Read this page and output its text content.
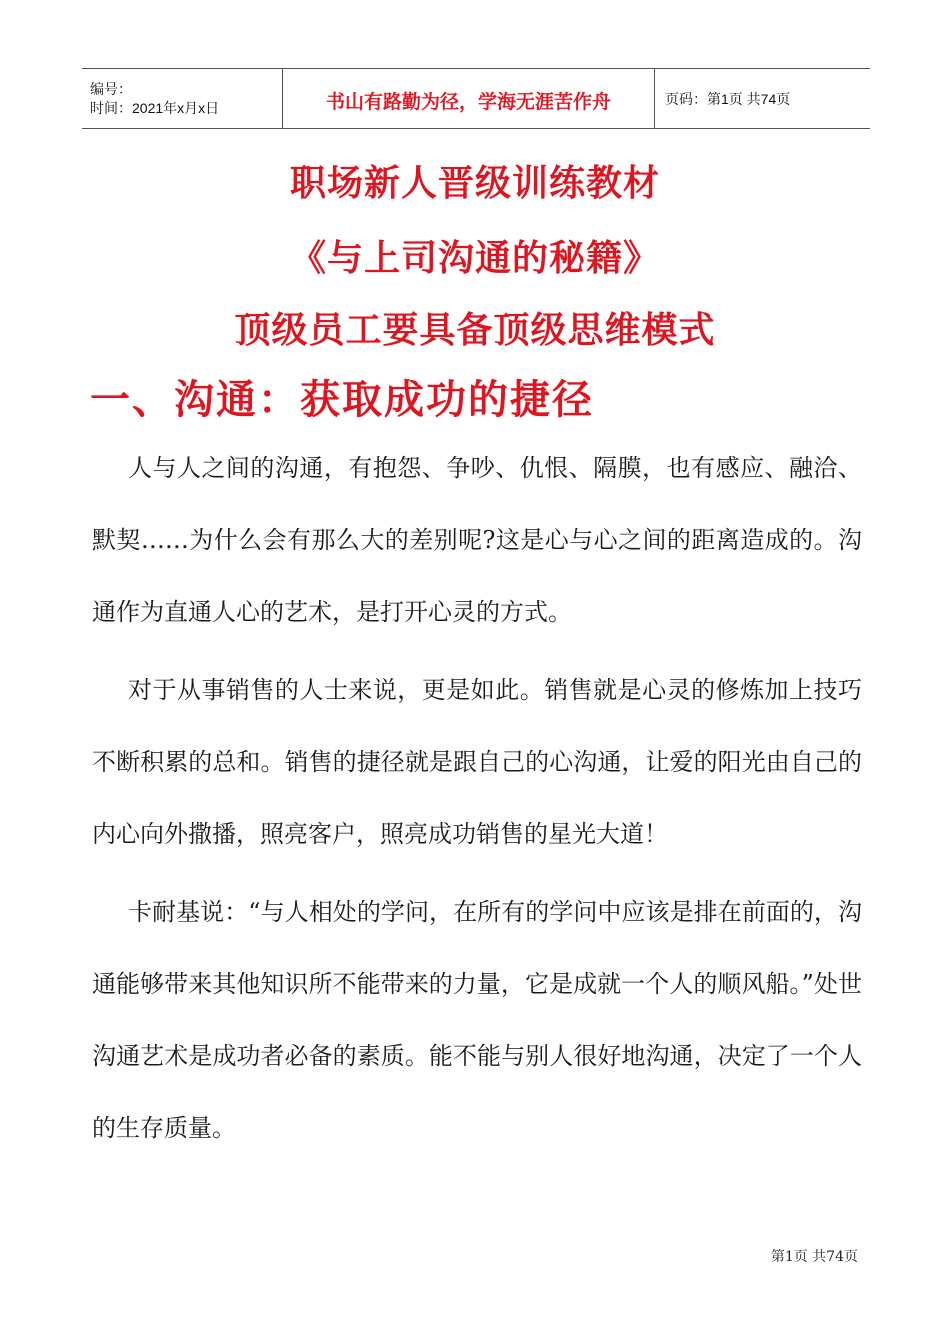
编号：
时间：2021年x月x日	书山有路勤为径，学海无涯苦作舟	页码：第1页 共74页
职场新人晋级训练教材
《与上司沟通的秘籍》
顶级员工要具备顶级思维模式
一、沟通：获取成功的捷径

人与人之间的沟通，有抱怨、争吵、仇恨、隔膜，也有感应、融洽、默契……为什么会有那么大的差别呢?这是心与心之间的距离造成的。沟通作为直通人心的艺术，是打开心灵的方式。

对于从事销售的人士来说，更是如此。销售就是心灵的修炼加上技巧不断积累的总和。销售的捷径就是跟自己的心沟通，让爱的阳光由自己的内心向外撒播，照亮客户，照亮成功销售的星光大道！

卡耐基说：“与人相处的学问，在所有的学问中应该是排在前面的，沟通能够带来其他知识所不能带来的力量，它是成就一个人的顺风船。”处世沟通艺术是成功者必备的素质。能不能与别人很好地沟通，决定了一个人的生存质量。

第1页 共74页
